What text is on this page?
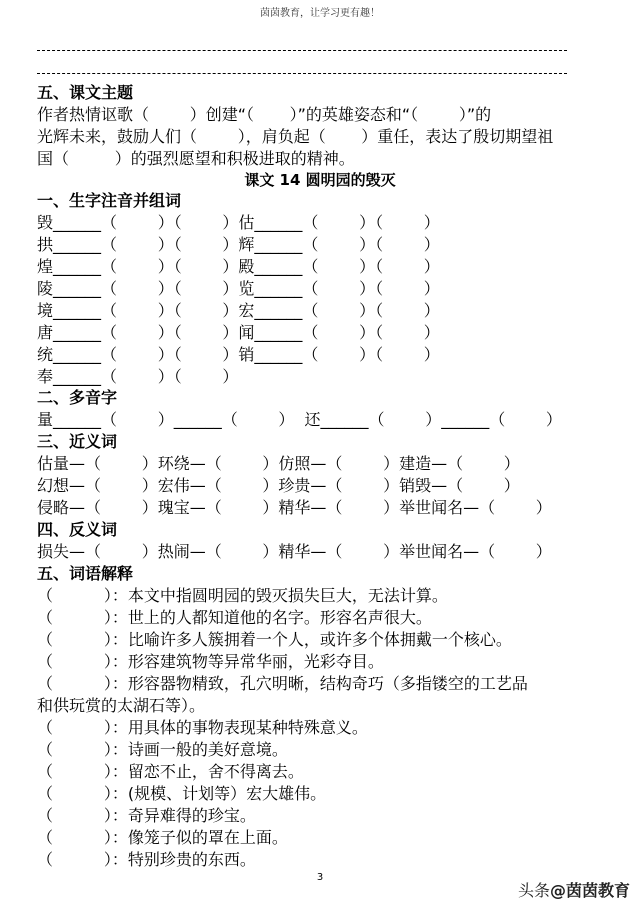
茵茵教育，让学习更有趣！
五、课文主题
作者热情讴歌（        ）创建“（       ）”的英雄姿态和“（        ）”的
光辉未来，鼓励人们（        ），肩负起（       ）重任，表达了殷切期望祖
国（         ）的强烈愿望和积极进取的精神。
课文 14 圆明园的毁灭
一、生字注音并组词
毁______（        ）（        ）估______（        ）（        ）
拱______（        ）（        ）辉______（        ）（        ）
煌______（        ）（        ）殿______（        ）（        ）
陵______（        ）（        ）览______（        ）（        ）
境______（        ）（        ）宏______（        ）（        ）
唐______（        ）（        ）闻______（        ）（        ）
统______（        ）（        ）销______（        ）（        ）
奉______（        ）（        ）
二、多音字
量______（        ）______（        ）  还______（        ）______（        ）
三、近义词
估量—（        ）环绕—（        ）仿照—（        ）建造—（        ）
幻想—（        ）宏伟—（        ）珍贵—（        ）销毁—（        ）
侵略—（        ）瑰宝—（        ）精华—（        ）举世闻名—（        ）
四、反义词
损失—（        ）热闹—（        ）精华—（        ）举世闻名—（        ）
五、词语解释
（          ）：本文中指圆明园的毁灭损失巨大，无法计算。
（          ）：世上的人都知道他的名字。形容名声很大。
（          ）：比喻许多人簇拥着一个人，或许多个体拥戴一个核心。
（          ）：形容建筑物等异常华丽，光彩夺目。
（          ）：形容器物精致，孔穴明晰，结构奇巧（多指镂空的工艺品
和供玩赏的太湖石等）。
（          ）：用具体的事物表现某种特殊意义。
（          ）：诗画一般的美好意境。
（          ）：留恋不止，舍不得离去。
（          ）：(规模、计划等）宏大雄伟。
（          ）：奇异难得的珍宝。
（          ）：像笼子似的罩在上面。
（          ）：特别珍贵的东西。
3
头条@茵茵教育
